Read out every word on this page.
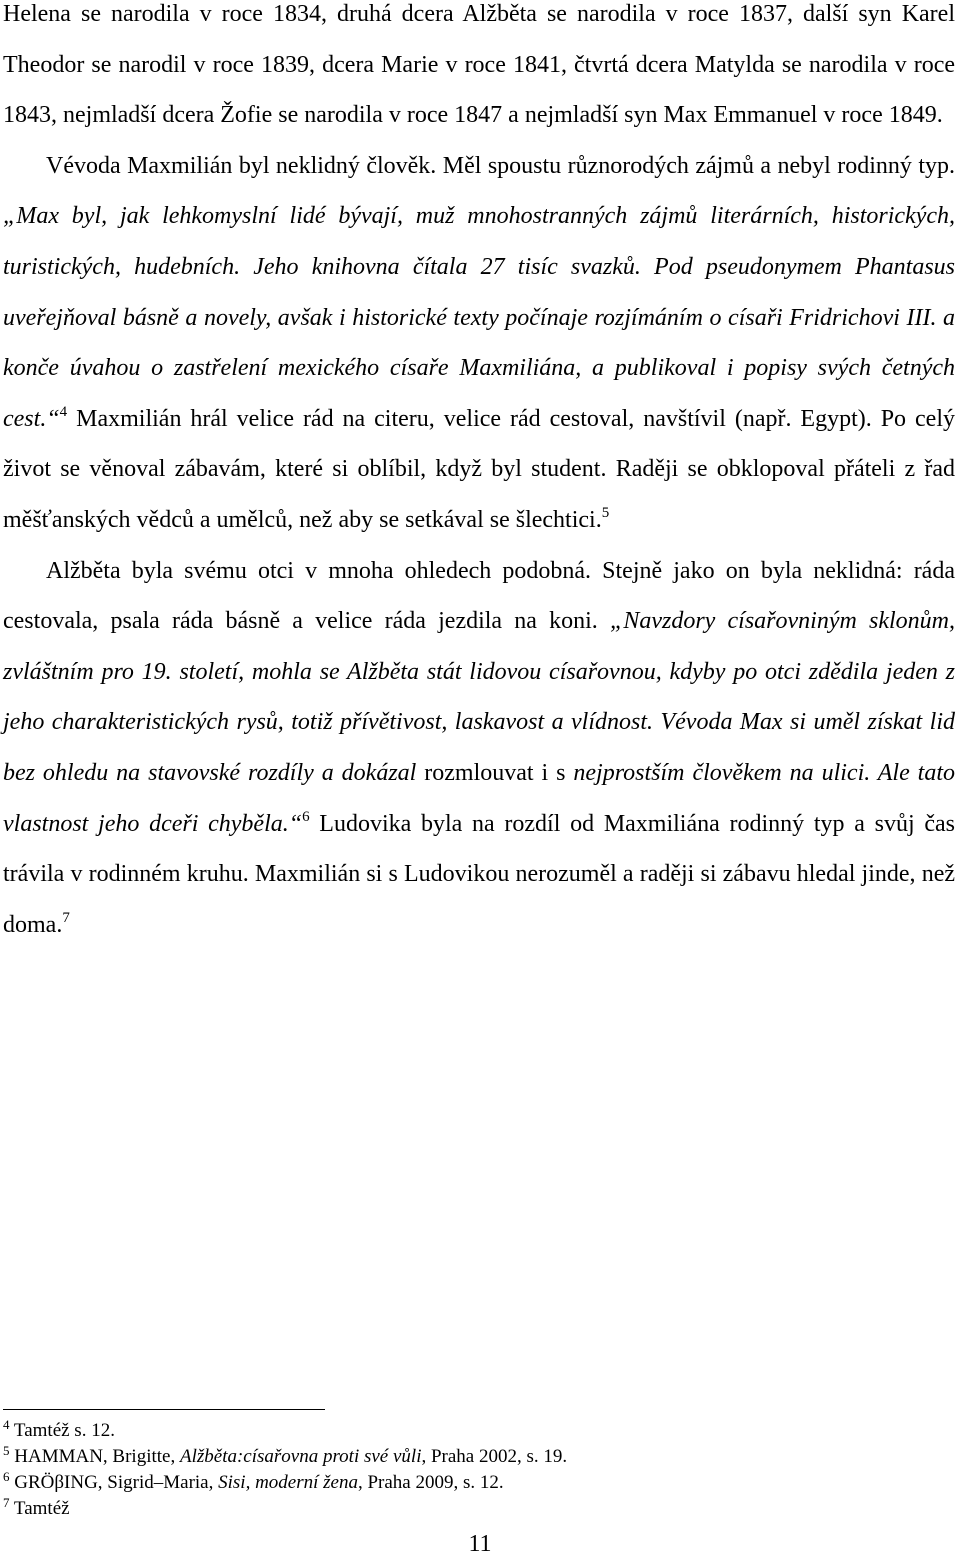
Helena se narodila v roce 1834, druhá dcera Alžběta se narodila v roce 1837, další syn Karel Theodor se narodil v roce 1839, dcera Marie v roce 1841, čtvrtá dcera Matylda se narodila v roce 1843, nejmladší dcera Žofie se narodila v roce 1847 a nejmladší syn Max Emmanuel v roce 1849.

Vévoda Maxmilián byl neklidný člověk. Měl spoustu různorodých zájmů a nebyl rodinný typ. „Max byl, jak lehkomyslní lidé bývají, muž mnohostranných zájmů literárních, historických, turistických, hudebních. Jeho knihovna čítala 27 tisíc svazků. Pod pseudonymem Phantasus uveřejňoval básně a novely, avšak i historické texty počínaje rozjímáním o císaři Fridrichovi III. a konče úvahou o zastřelení mexického císaře Maxmiliána, a publikoval i popisy svých četných cest.“$^4$ Maxmilián hrál velice rád na citeru, velice rád cestoval, navštívil (např. Egypt). Po celý život se věnoval zábavám, které si oblíbil, když byl student. Raději se obklopoval přáteli z řad měšťanských vědců a umělců, než aby se setkával se šlechtici.$^5$

Alžběta byla svému otci v mnoha ohledech podobná. Stejně jako on byla neklidná: ráda cestovala, psala ráda básně a velice ráda jezdila na koni. „Navzdory císařovniným sklonům, zvláštním pro 19. století, mohla se Alžběta stát lidovou císařovnou, kdyby po otci zdědila jeden z jeho charakteristických rysů, totiž přívětivost, laskavost a vlídnost. Vévoda Max si uměl získat lid bez ohledu na stavovské rozdíly a dokázal rozmlouvat i s nejprostším člověkem na ulici. Ale tato vlastnost jeho dceři chyběla.“$^6$ Ludovika byla na rozdíl od Maxmiliána rodinný typ a svůj čas trávila v rodinném kruhu. Maxmilián si s Ludovikou nerozuměl a raději si zábavu hledal jinde, než doma.$^7$

$^4$ Tamtéž s. 12.
$^5$ HAMMAN, Brigitte, Alžběta:císařovna proti své vůli, Praha 2002, s. 19.
$^6$ GRÖβING, Sigrid–Maria, Sisi, moderní žena, Praha 2009, s. 12.
$^7$ Tamtéž
11
